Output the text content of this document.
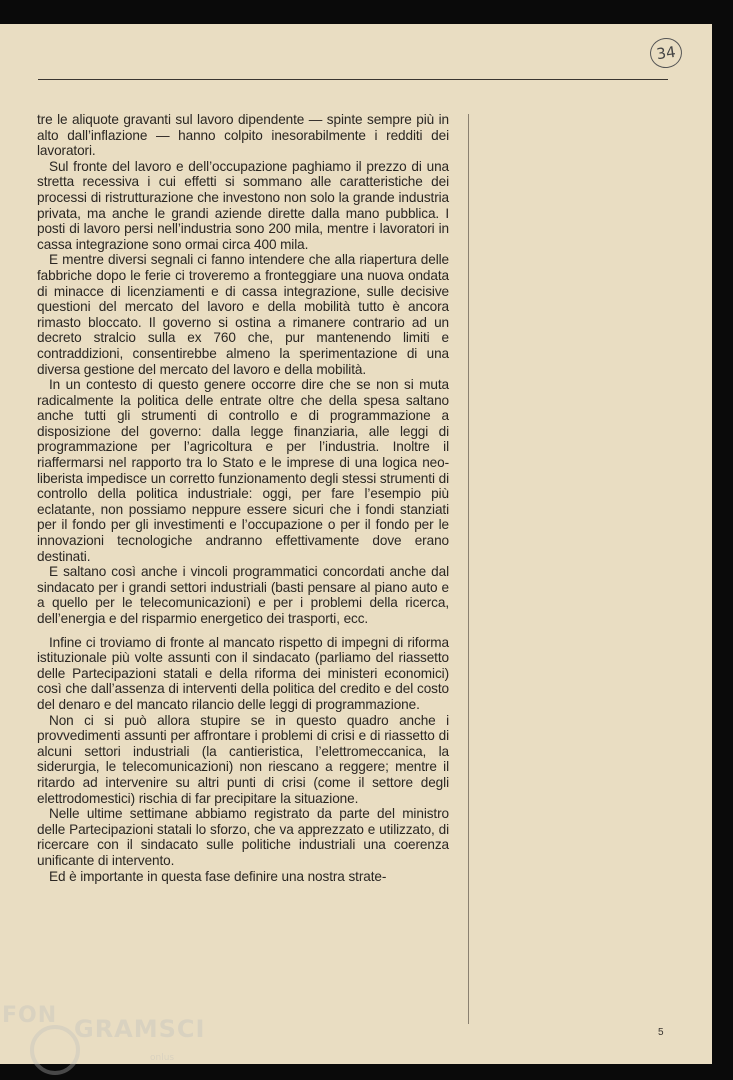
34

tre le aliquote gravanti sul lavoro dipendente — spinte sempre più in alto dall’inflazione — hanno colpito inesorabilmente i redditi dei lavoratori.

Sul fronte del lavoro e dell’occupazione paghiamo il prezzo di una stretta recessiva i cui effetti si sommano alle caratteristiche dei processi di ristrutturazione che investono non solo la grande industria privata, ma anche le grandi aziende dirette dalla mano pubblica. I posti di lavoro persi nell’industria sono 200 mila, mentre i lavoratori in cassa integrazione sono ormai circa 400 mila.

E mentre diversi segnali ci fanno intendere che alla riapertura delle fabbriche dopo le ferie ci troveremo a fronteggiare una nuova ondata di minacce di licenziamenti e di cassa integrazione, sulle decisive questioni del mercato del lavoro e della mobilità tutto è ancora rimasto bloccato. Il governo si ostina a rimanere contrario ad un decreto stralcio sulla ex 760 che, pur mantenendo limiti e contraddizioni, consentirebbe almeno la sperimentazione di una diversa gestione del mercato del lavoro e della mobilità.

In un contesto di questo genere occorre dire che se non si muta radicalmente la politica delle entrate oltre che della spesa saltano anche tutti gli strumenti di controllo e di programmazione a disposizione del governo: dalla legge finanziaria, alle leggi di programmazione per l’agricoltura e per l’industria. Inoltre il riaffermarsi nel rapporto tra lo Stato e le imprese di una logica neo-liberista impedisce un corretto funzionamento degli stessi strumenti di controllo della politica industriale: oggi, per fare l’esempio più eclatante, non possiamo neppure essere sicuri che i fondi stanziati per il fondo per gli investimenti e l’occupazione o per il fondo per le innovazioni tecnologiche andranno effettivamente dove erano destinati.

E saltano così anche i vincoli programmatici concordati anche dal sindacato per i grandi settori industriali (basti pensare al piano auto e a quello per le telecomunicazioni) e per i problemi della ricerca, dell’energia e del risparmio energetico dei trasporti, ecc.

Infine ci troviamo di fronte al mancato rispetto di impegni di riforma istituzionale più volte assunti con il sindacato (parliamo del riassetto delle Partecipazioni statali e della riforma dei ministeri economici) così che dall’assenza di interventi della politica del credito e del costo del denaro e del mancato rilancio delle leggi di programmazione.

Non ci si può allora stupire se in questo quadro anche i provvedimenti assunti per affrontare i problemi di crisi e di riassetto di alcuni settori industriali (la cantieristica, l’elettromeccanica, la siderurgia, le telecomunicazioni) non riescano a reggere; mentre il ritardo ad intervenire su altri punti di crisi (come il settore degli elettrodomestici) rischia di far precipitare la situazione.

Nelle ultime settimane abbiamo registrato da parte del ministro delle Partecipazioni statali lo sforzo, che va apprezzato e utilizzato, di ricercare con il sindacato sulle politiche industriali una coerenza unificante di intervento.

Ed è importante in questa fase definire una nostra strate-

5
FON GRAMSCI
onlus
